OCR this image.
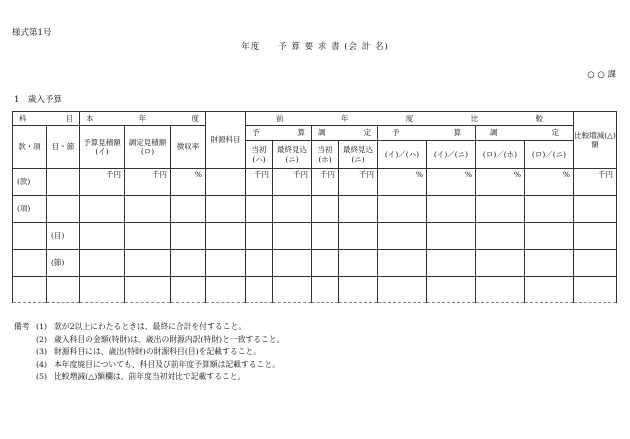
様式第1号
年度 予 算 要 求 書 (会 計 名)
○ ○ 課
1　歳入予算
科 目		本 年 度			財源科目	前 年 度 比 較								比較増減(△)額
款・項	目・節	予算見積額 (イ)	調定見積額 (ロ)	徴収率		予 算		調 定		予 算		調 定		

						当初 (ハ)	最終見込 (ニ)	当初 (ホ)	最終見込 (ニ)	(イ)／(ハ)	(イ)／(ニ)	(ロ)／(ホ)	(ロ)／(ニ)	
(款)		千円	千円	%		千円	千円	千円	千円	%	%	%	%	千円
(項)														
	(目)													
	(節)													

備考 (1) 款が2以上にわたるときは、最終に合計を付すること。
(2) 歳入科目の金額(特財)は、歳出の財源内訳(特財)と一致すること。
(3) 財源科目には、歳出(特財)の財源科目(目)を記載すること。
(4) 本年度廃目についても、科目及び前年度予算額は記載すること。
(5) 比較増減(△)額欄は、前年度当初対比で記載すること。
